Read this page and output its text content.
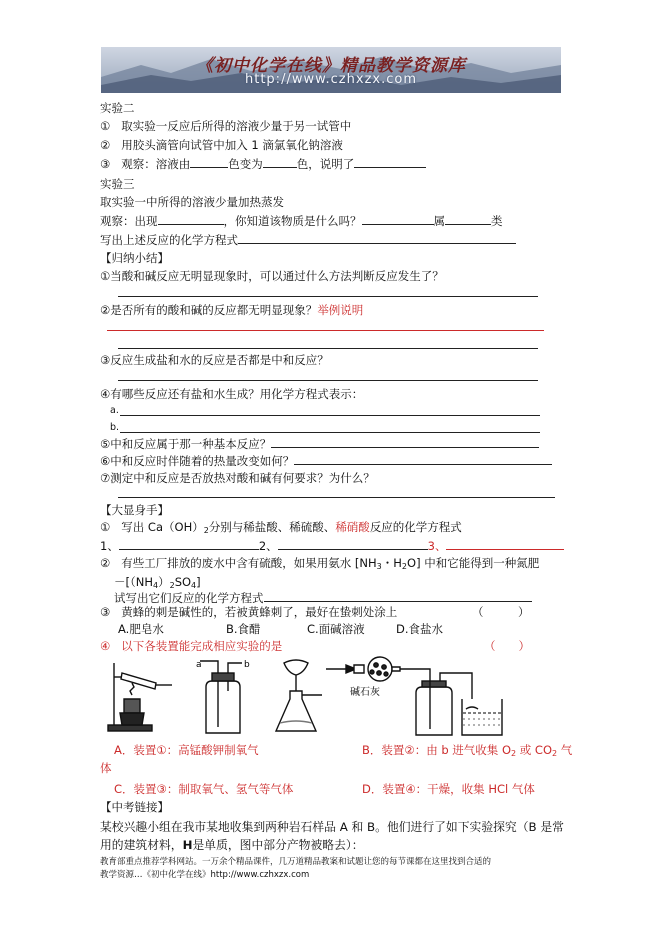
《初中化学在线》精品教学资源库
http://www.czhxzx.com
实验二
① 取实验一反应后所得的溶液少量于另一试管中
② 用胶头滴管向试管中加入 1 滴氯氧化钠溶液
③ 观察：溶液由	色变为	色，说明了
实验三
取实验一中所得的溶液少量加热蒸发
观察：出现	，你知道该物质是什么吗？	属	类
写出上述反应的化学方程式
【归纳小结】
①当酸和碱反应无明显现象时，可以通过什么方法判断反应发生了？
②是否所有的酸和碱的反应都无明显现象？举例说明
③反应生成盐和水的反应是否都是中和反应？
④有哪些反应还有盐和水生成？用化学方程式表示：
a.
b.
⑤中和反应属于那一种基本反应？
⑥中和反应时伴随着的热量改变如何？
⑦测定中和反应是否放热对酸和碱有何要求？为什么？
【大显身手】
① 写出 $Ca(OH)_2$分别与稀盐酸、稀硫酸、稀硝酸反应的化学方程式
1、	2、	3、
② 有些工厂排放的废水中含有硫酸，如果用氨水 [$NH_3$・$H_2O$] 中和它能得到一种氮肥
$-[(NH_4)_2SO_4]$
试写出它们反应的化学方程式
③ 黄蜂的刺是碱性的，若被黄蜂刺了，最好在蛰刺处涂上	（　　　）
A.肥皂水	B.食醋	C.面碱溶液	D.食盐水
④ 以下各装置能完成相应实验的是	（　　）
a	b
碱石灰
A．装置①：高锰酸钾制氧气	B．装置②：由 b 进气收集 $O_2$ 或 $CO_2$ 气
体
C．装置③：制取氧气、氢气等气体	D．装置④：干燥，收集 HCl 气体
【中考链接】
某校兴趣小组在我市某地收集到两种岩石样品 A 和 B。他们进行了如下实验探究（B 是常
用的建筑材料，H是单质，图中部分产物被略去）：
教育部重点推荐学科网站。一万余个精品课件，几万道精品教案和试题让您的每节课都在这里找到合适的
教学资源…《初中化学在线》http://www.czhxzx.com
